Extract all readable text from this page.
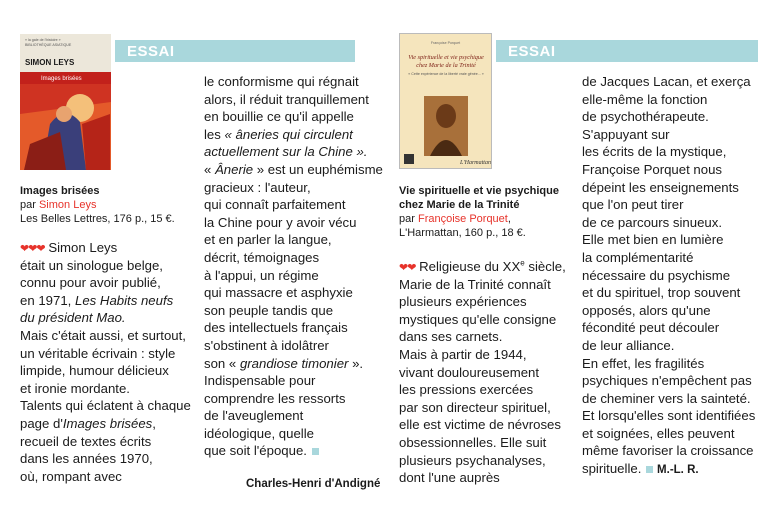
ESSAI
« la gale de l'histoire »
BIBLIOTHÈQUE ASIATIQUE
SIMON LEYS
Images brisées
Images brisées
par Simon Leys
Les Belles Lettres, 176 p., 15 €.
❤❤❤ Simon Leys
était un sinologue belge,
connu pour avoir publié,
en 1971, Les Habits neufs
du président Mao.
Mais c'était aussi, et surtout,
un véritable écrivain : style
limpide, humour délicieux
et ironie mordante.
Talents qui éclatent à chaque
page d'Images brisées,
recueil de textes écrits
dans les années 1970,
où, rompant avec
le conformisme qui régnait
alors, il réduit tranquillement
en bouillie ce qu'il appelle
les « âneries qui circulent
actuellement sur la Chine ».
« Ânerie » est un euphémisme
gracieux : l'auteur,
qui connaît parfaitement
la Chine pour y avoir vécu
et en parler la langue,
décrit, témoignages
à l'appui, un régime
qui massacre et asphyxie
son peuple tandis que
des intellectuels français
s'obstinent à idolâtrer
son « grandiose timonier ».
Indispensable pour
comprendre les ressorts
de l'aveuglement
idéologique, quelle
que soit l'époque.
Charles-Henri d'Andigné
ESSAI
Françoise Porquet
Vie spirituelle et vie psychique chez Marie de la Trinité
« Cette expérience de la liberté vraie gênée... »
L'Harmattan
Vie spirituelle et vie psychique
chez Marie de la Trinité
par Françoise Porquet,
L'Harmattan, 160 p., 18 €.
❤❤ Religieuse du XXe siècle,
Marie de la Trinité connaît
plusieurs expériences
mystiques qu'elle consigne
dans ses carnets.
Mais à partir de 1944,
vivant douloureusement
les pressions exercées
par son directeur spirituel,
elle est victime de névroses
obsessionnelles. Elle suit
plusieurs psychanalyses,
dont l'une auprès
de Jacques Lacan, et exerça
elle-même la fonction
de psychothérapeute.
S'appuyant sur
les écrits de la mystique,
Françoise Porquet nous
dépeint les enseignements
que l'on peut tirer
de ce parcours sinueux.
Elle met bien en lumière
la complémentarité
nécessaire du psychisme
et du spirituel, trop souvent
opposés, alors qu'une
fécondité peut découler
de leur alliance.
En effet, les fragilités
psychiques n'empêchent pas
de cheminer vers la sainteté.
Et lorsqu'elles sont identifiées
et soignées, elles peuvent
même favoriser la croissance
spirituelle. M.-L. R.
